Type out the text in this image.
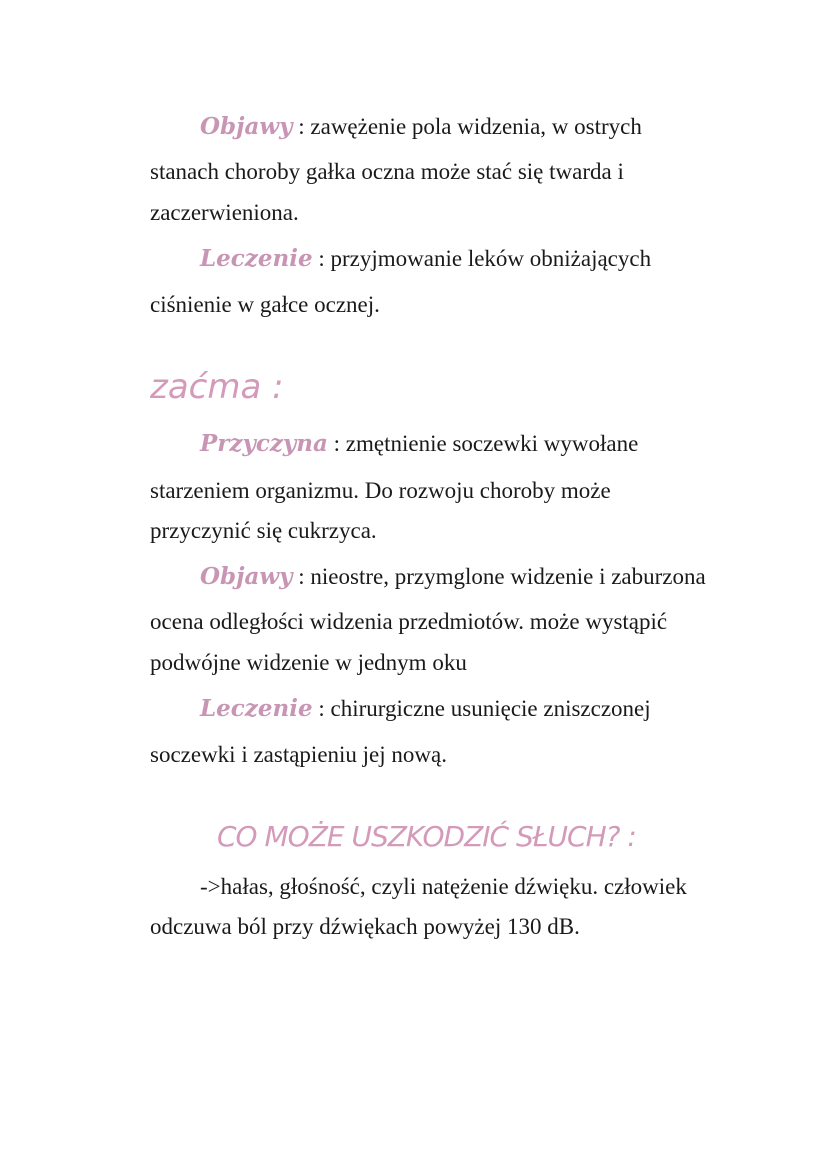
Objawy : zawężenie pola widzenia, w ostrych
stanach choroby gałka oczna może stać się twarda i
zaczerwieniona.
Leczenie : przyjmowanie leków obniżających
ciśnienie w gałce ocznej.
zaćma :
Przyczyna : zmętnienie soczewki wywołane
starzeniem organizmu. Do rozwoju choroby może
przyczynić się cukrzyca.
Objawy : nieostre, przymglone widzenie i zaburzona
ocena odległości widzenia przedmiotów. może wystąpić
podwójne widzenie w jednym oku
Leczenie : chirurgiczne usunięcie zniszczonej
soczewki i zastąpieniu jej nową.
CO MOŻE USZKODZIĆ SŁUCH? :
->hałas, głośność, czyli natężenie dźwięku. człowiek
odczuwa ból przy dźwiękach powyżej 130 dB.
